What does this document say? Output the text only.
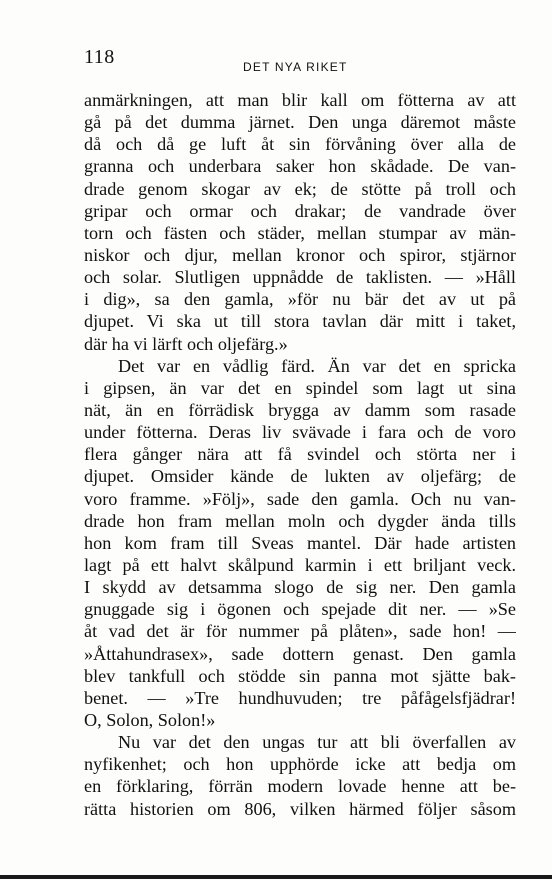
118	DET NYA RIKET
anmärkningen, att man blir kall om fötterna av att
gå på det dumma järnet. Den unga däremot måste
då och då ge luft åt sin förvåning över alla de
granna och underbara saker hon skådade. De van-
drade genom skogar av ek; de stötte på troll och
gripar och ormar och drakar; de vandrade över
torn och fästen och städer, mellan stumpar av män-
niskor och djur, mellan kronor och spiror, stjärnor
och solar. Slutligen uppnådde de taklisten. — »Håll
i dig», sa den gamla, »för nu bär det av ut på
djupet. Vi ska ut till stora tavlan där mitt i taket,
där ha vi lärft och oljefärg.»
Det var en vådlig färd. Än var det en spricka
i gipsen, än var det en spindel som lagt ut sina
nät, än en förrädisk brygga av damm som rasade
under fötterna. Deras liv svävade i fara och de voro
flera gånger nära att få svindel och störta ner i
djupet. Omsider kände de lukten av oljefärg; de
voro framme. »Följ», sade den gamla. Och nu van-
drade hon fram mellan moln och dygder ända tills
hon kom fram till Sveas mantel. Där hade artisten
lagt på ett halvt skålpund karmin i ett briljant veck.
I skydd av detsamma slogo de sig ner. Den gamla
gnuggade sig i ögonen och spejade dit ner. — »Se
åt vad det är för nummer på plåten», sade hon! —
»Åttahundrasex», sade dottern genast. Den gamla
blev tankfull och stödde sin panna mot sjätte bak-
benet. — »Tre hundhuvuden; tre påfågelsfjädrar!
O, Solon, Solon!»
Nu var det den ungas tur att bli överfallen av
nyfikenhet; och hon upphörde icke att bedja om
en förklaring, förrän modern lovade henne att be-
rätta historien om 806, vilken härmed följer såsom
